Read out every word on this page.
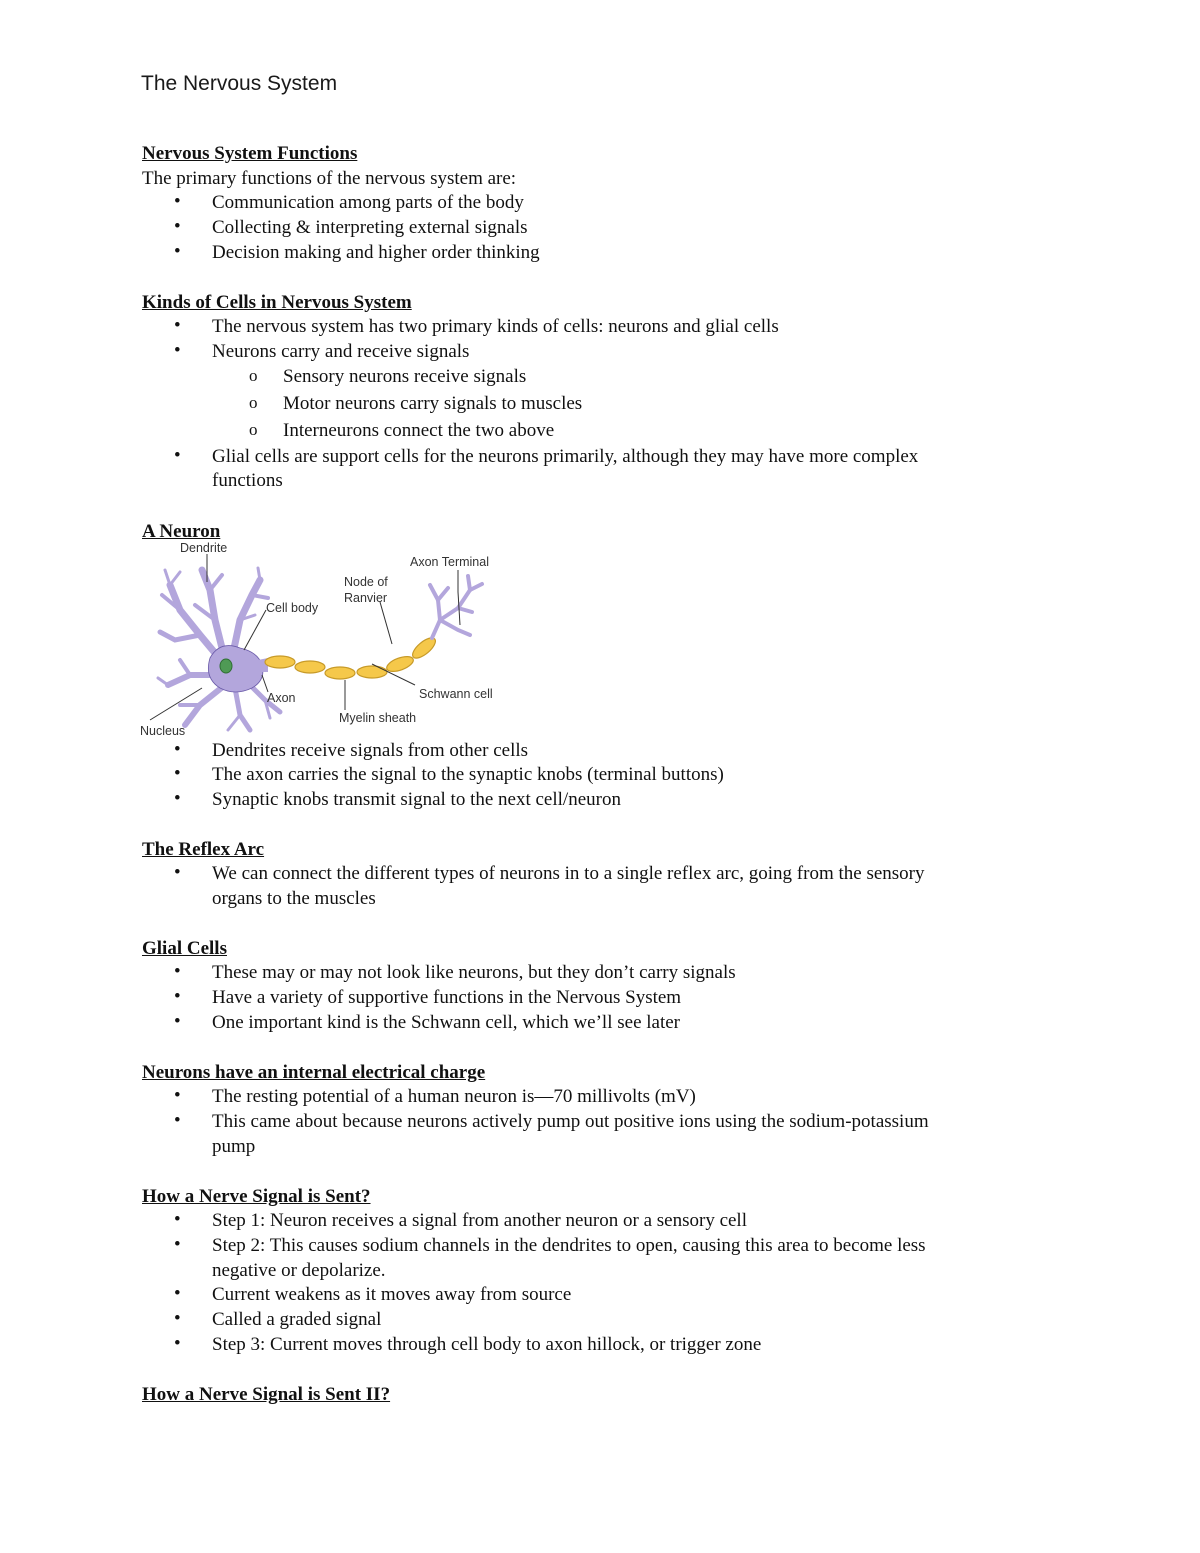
The Nervous System
Nervous System Functions
The primary functions of the nervous system are:
• Communication among parts of the body
• Collecting & interpreting external signals
• Decision making and higher order thinking
Kinds of Cells in Nervous System
• The nervous system has two primary kinds of cells: neurons and glial cells
• Neurons carry and receive signals
o Sensory neurons receive signals
o Motor neurons carry signals to muscles
o Interneurons connect the two above
• Glial cells are support cells for the neurons primarily, although they may have more complex
functions
A Neuron
Dendrite
Cell body
Node of
Ranvier
Axon Terminal
Axon	Schwann cell
Myelin sheath
Nucleus
• Dendrites receive signals from other cells
• The axon carries the signal to the synaptic knobs (terminal buttons)
• Synaptic knobs transmit signal to the next cell/neuron
The Reflex Arc
• We can connect the different types of neurons in to a single reflex arc, going from the sensory
organs to the muscles
Glial Cells
• These may or may not look like neurons, but they don’t carry signals
• Have a variety of supportive functions in the Nervous System
• One important kind is the Schwann cell, which we’ll see later
Neurons have an internal electrical charge
• The resting potential of a human neuron is—70 millivolts (mV)
• This came about because neurons actively pump out positive ions using the sodium-potassium
pump
How a Nerve Signal is Sent?
• Step 1: Neuron receives a signal from another neuron or a sensory cell
• Step 2: This causes sodium channels in the dendrites to open, causing this area to become less
negative or depolarize.
• Current weakens as it moves away from source
• Called a graded signal
• Step 3: Current moves through cell body to axon hillock, or trigger zone
How a Nerve Signal is Sent II?
